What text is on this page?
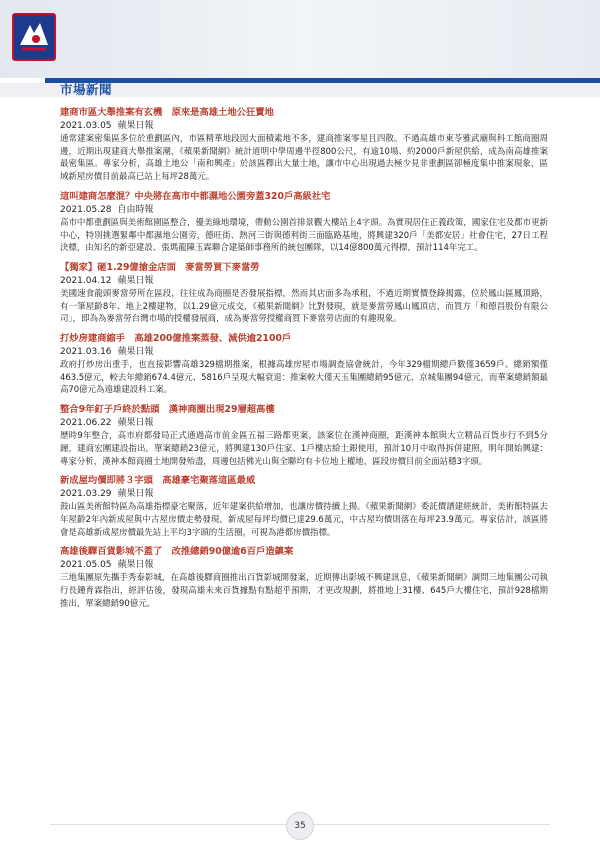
市場新聞
建商市區大舉推案有玄機　原來是高雄土地公狂賣地
2021.03.05 蘋果日報
通常建案密集區多位於重劃區內，市區精華地段因大面積素地不多，建商推案零星且四散。不過高雄市東苓雅武廟與科工館商圈周邊，近期出現建商大舉推案潮，《蘋果新聞網》統計道明中學周邊半徑800公尺，有逾10場、約2000戶新屋供給，成為南高雄推案最密集區。專家分析，高雄土地公「南和興產」於該區釋出大量土地，讓市中心出現過去極少見非重劃區卻極度集中推案現象，區域新屋房價目前最高已站上每坪28萬元。
這叫建商怎麼混？中央將在高市中都濕地公園旁蓋320戶高級社宅
2021.05.28 自由時報
高市中都重劃區與美術館園區整合，優美綠地環境，帶動公園首排景觀大樓站上4字頭。為實現居住正義政策，國家住宅及都市更新中心，特別挑選緊鄰中都濕地公園旁，德旺街、熱河三街與德利街三面臨路基地，將興建320戶「美都安居」社會住宅，27日工程決標，由知名的新亞建設、張瑪龍陳玉霖聯合建築師事務所的統包團隊，以14億800萬元得標，預計114年完工。
【獨家】砸1.29億搶金店面　麥當勞買下麥當勞
2021.04.12 蘋果日報
美國速食龍頭麥當勞所在區段，往往成為商圈是否發展指標，然而其店面多為承租，不過近期實價登錄揭露，位於鳳山區鳳頂路，有一筆屋齡8年、地上2樓建物，以1.29億元成交，《蘋果新聞網》比對發現，就是麥當勞鳳山鳳頂店，而買方「和德昌股份有限公司」，即為為麥當勞台灣市場的授權發展商，成為麥當勞授權商買下麥當勞店面的有趣現象。
打炒房建商縮手　高雄200億推案蒸發、減供逾2100戶
2021.03.16 蘋果日報
政府打炒房出重手，也直接影響高雄329檔期推案，根據高雄房屋市場調查協會統計，今年329檔期總戶數僅3659戶、總銷額僅463.5億元，較去年總銷674.4億元、5816戶呈現大幅衰退：推案較大僅天玉集團總銷95億元、京城集團94億元，而華案總銷額最高70億元為遠雄建設科工案。
整合9年釘子戶終於點頭　漢神商圈出現29層超高樓
2021.06.22 蘋果日報
歷時9年整合，高市府都發局正式通過高市前金區五福三路都更案，該案位在漢神商圈，距漢神本館與大立精品百貨步行不到5分鐘，建商宏團建設指出，單案總銷23億元，將興建130戶住家、1戶樓店給土銀使用，預計10月中取得拆併建照，明年開始興建：專家分析，漢神本館商圈土地開發殆盡，周邊包括佛光山與全聯均有卡位地上權地，區段房價目前全面站穩3字頭。
新成屋均價即將３字頭　高雄豪宅聚落這區最威
2021.03.29 蘋果日報
鼓山區美術館特區為高雄指標豪宅聚落，近年建案供給增加，也讓房價持續上揚。《蘋果新聞網》委託價譜建經統計，美術館特區去年屋齡2年內新成屋與中古屋房價走勢發現，新成屋每坪均價已達29.6萬元，中古屋均價則落在每坪23.9萬元。專家估計，該區將會是高雄新成屋房價最先站上平均3字頭的生活圈，可視為港都房價指標。
高雄後驛百貨影城不蓋了　改推總銷90億逾6百戶造鎮案
2021.05.05 蘋果日報
三地集團原先攜手秀泰影城，在高雄後驛商圈推出百貨影城開發案，近期傳出影城不興建訊息，《蘋果新聞網》調問三地集團公司執行長鍾育霖指出，經評估後，發現高雄未來百貨據點有點超乎預期，才更改規劃，將推地上31樓、645戶大樓住宅，預計928檔期推出，單案總銷90億元。
35
